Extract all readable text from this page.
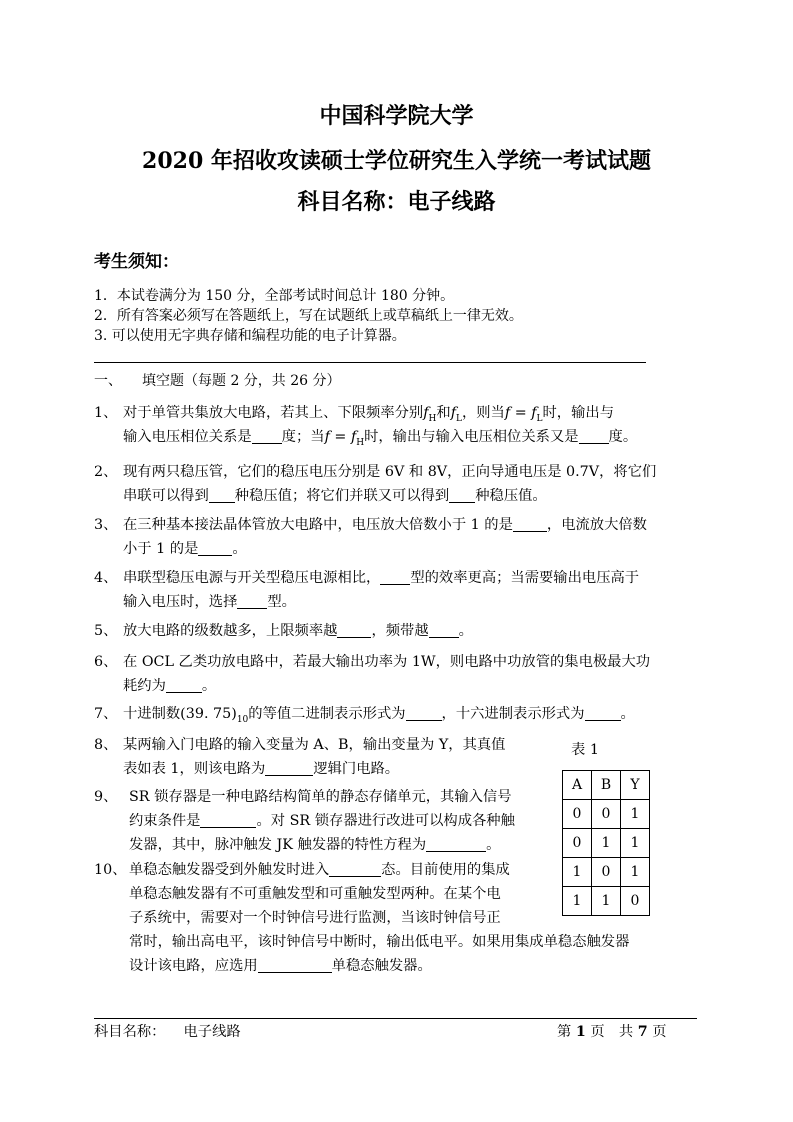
中国科学院大学
2020 年招收攻读硕士学位研究生入学统一考试试题
科目名称：电子线路
考生须知：
1．本试卷满分为 150 分，全部考试时间总计 180 分钟。
2．所有答案必须写在答题纸上，写在试题纸上或草稿纸上一律无效。
3. 可以使用无字典存储和编程功能的电子计算器。
一、 填空题（每题 2 分，共 26 分）
1、 对于单管共集放大电路，若其上、下限频率分别$f_H$和$f_L$，则当$f = f_L$时，输出与
输入电压相位关系是 度；当$f = f_H$时，输出与输入电压相位关系又是 度。
2、 现有两只稳压管，它们的稳压电压分别是 6V 和 8V，正向导通电压是 0.7V，将它们
串联可以得到 种稳压值；将它们并联又可以得到 种稳压值。
3、 在三种基本接法晶体管放大电路中，电压放大倍数小于 1 的是 ，电流放大倍数
小于 1 的是 。
4、 串联型稳压电源与开关型稳压电源相比， 型的效率更高；当需要输出电压高于
输入电压时，选择 型。
5、 放大电路的级数越多，上限频率越 ，频带越 。
6、 在 OCL 乙类功放电路中，若最大输出功率为 1W，则电路中功放管的集电极最大功
耗约为	。
7、 十进制数(39. $75)_{10}$的等值二进制表示形式为	，十六进制表示形式为	。
8、 某两输入门电路的输入变量为 A、B，输出变量为 Y，其真值
表如表 1，则该电路为	逻辑门电路。
9、 SR 锁存器是一种电路结构简单的静态存储单元，其输入信号
约束条件是	。对 SR 锁存器进行改进可以构成各种触
发器，其中，脉冲触发 JK 触发器的特性方程为	。
10、 单稳态触发器受到外触发时进入	态。目前使用的集成
单稳态触发器有不可重触发型和可重触发型两种。在某个电
子系统中，需要对一个时钟信号进行监测，当该时钟信号正
常时，输出高电平，该时钟信号中断时，输出低电平。如果用集成单稳态触发器
设计该电路，应选用	单稳态触发器。
表 1
A	B	Y
0	0	1
0	1	1
1	0	1
1	1	0
科目名称： 电子线路	第 1 页　共 7 页
